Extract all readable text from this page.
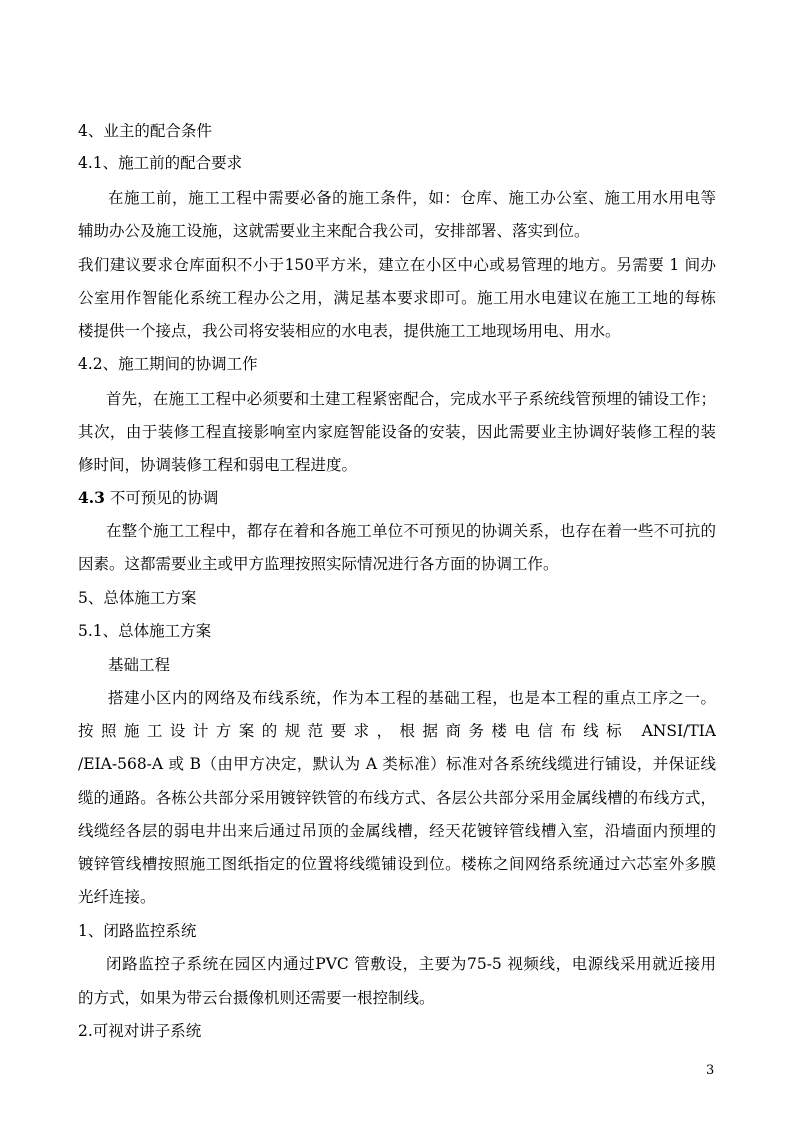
4、业主的配合条件
4.1、施工前的配合要求
在施工前，施工工程中需要必备的施工条件，如：仓库、施工办公室、施工用水用电等
辅助办公及施工设施，这就需要业主来配合我公司，安排部署、落实到位。
我们建议要求仓库面积不小于150平方米，建立在小区中心或易管理的地方。另需要 1 间办
公室用作智能化系统工程办公之用，满足基本要求即可。施工用水电建议在施工工地的每栋
楼提供一个接点，我公司将安装相应的水电表，提供施工工地现场用电、用水。
4.2、施工期间的协调工作
首先，在施工工程中必须要和土建工程紧密配合，完成水平子系统线管预埋的铺设工作；
其次，由于装修工程直接影响室内家庭智能设备的安装，因此需要业主协调好装修工程的装
修时间，协调装修工程和弱电工程进度。
4.3 不可预见的协调
在整个施工工程中，都存在着和各施工单位不可预见的协调关系，也存在着一些不可抗的
因素。这都需要业主或甲方监理按照实际情况进行各方面的协调工作。
5、总体施工方案
5.1、总体施工方案
基础工程
搭建小区内的网络及布线系统，作为本工程的基础工程，也是本工程的重点工序之一。
按照施工设计方案的规范要求，根据商务楼电信布线标 ANSI/TIA
/EIA-568-A 或 B（由甲方决定，默认为 A 类标准）标准对各系统线缆进行铺设，并保证线
缆的通路。各栋公共部分采用镀锌铁管的布线方式、各层公共部分采用金属线槽的布线方式，
线缆经各层的弱电井出来后通过吊顶的金属线槽，经天花镀锌管线槽入室，沿墙面内预埋的
镀锌管线槽按照施工图纸指定的位置将线缆铺设到位。楼栋之间网络系统通过六芯室外多膜
光纤连接。
1、闭路监控系统
闭路监控子系统在园区内通过PVC 管敷设，主要为75-5 视频线，电源线采用就近接用
的方式，如果为带云台摄像机则还需要一根控制线。
2.可视对讲子系统
3
